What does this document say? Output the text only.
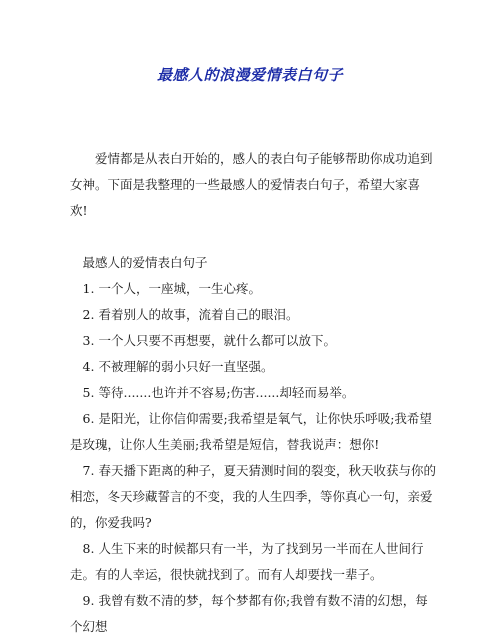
最感人的浪漫爱情表白句子

爱情都是从表白开始的，感人的表白句子能够帮助你成功追到女神。下面是我整理的一些最感人的爱情表白句子，希望大家喜欢!

最感人的爱情表白句子

1. 一个人，一座城，一生心疼。

2. 看着别人的故事，流着自己的眼泪。

3. 一个人只要不再想要，就什么都可以放下。

4. 不被理解的弱小只好一直坚强。

5. 等待.......也许并不容易;伤害......却轻而易举。

6. 是阳光，让你信仰需要;我希望是氧气，让你快乐呼吸;我希望是玫瑰，让你人生美丽;我希望是短信，替我说声：想你!

7. 春天播下距离的种子，夏天猜测时间的裂变，秋天收获与你的相恋，冬天珍藏誓言的不变，我的人生四季，等你真心一句，亲爱的，你爱我吗?

8. 人生下来的时候都只有一半，为了找到另一半而在人世间行走。有的人幸运，很快就找到了。而有人却要找一辈子。

9. 我曾有数不清的梦，每个梦都有你;我曾有数不清的幻想，每个幻想
